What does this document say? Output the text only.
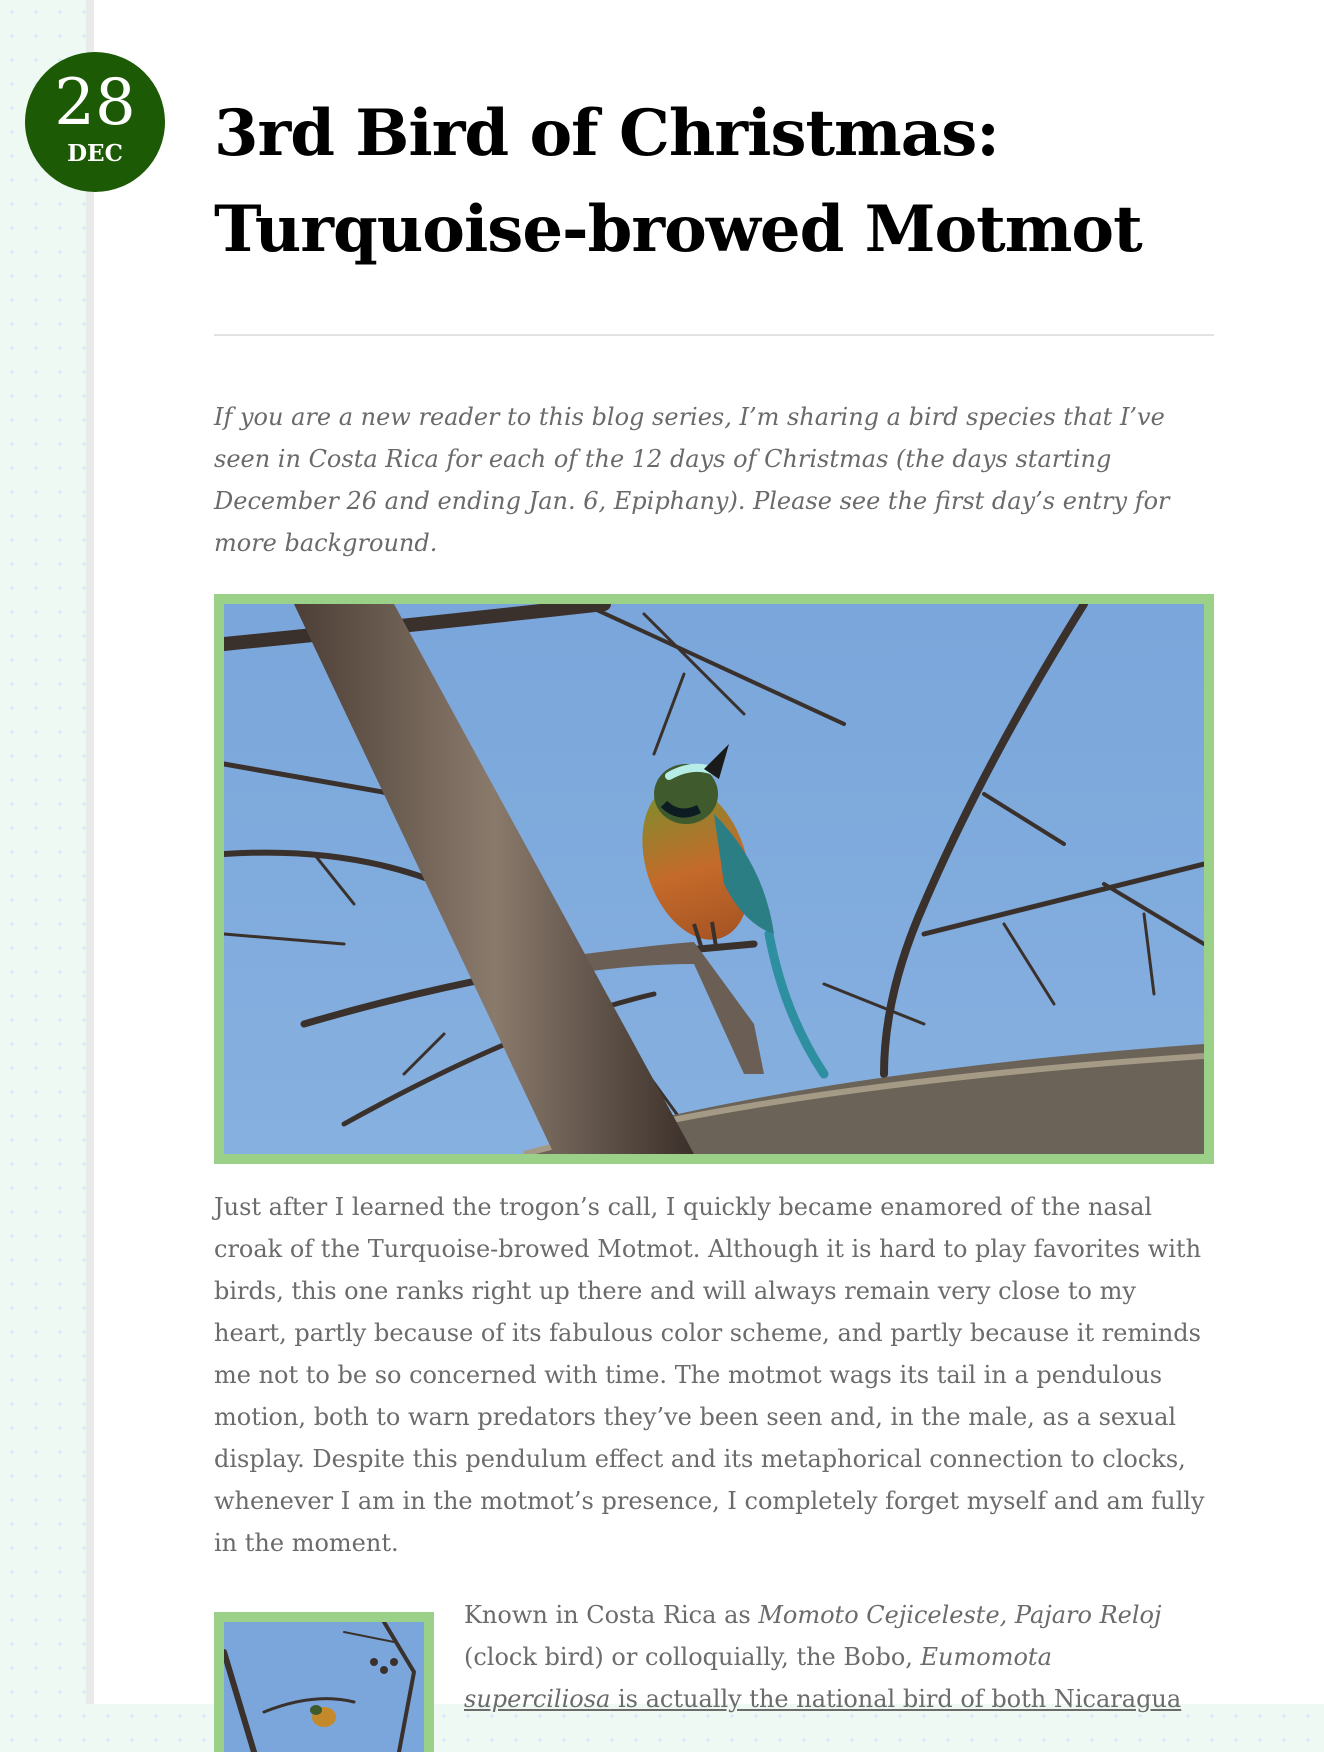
28
DEC	3rd Bird of Christmas:
Turquoise-browed Motmot

If you are a new reader to this blog series, I’m sharing a bird species that I’ve
seen in Costa Rica for each of the 12 days of Christmas (the days starting
December 26 and ending Jan. 6, Epiphany). Please see the first day’s entry for
more background.

Just after I learned the trogon’s call, I quickly became enamored of the nasal
croak of the Turquoise-browed Motmot. Although it is hard to play favorites with
birds, this one ranks right up there and will always remain very close to my
heart, partly because of its fabulous color scheme, and partly because it reminds
me not to be so concerned with time. The motmot wags its tail in a pendulous
motion, both to warn predators they’ve been seen and, in the male, as a sexual
display. Despite this pendulum effect and its metaphorical connection to clocks,
whenever I am in the motmot’s presence, I completely forget myself and am fully
in the moment.

Known in Costa Rica as Momoto Cejiceleste, Pajaro Reloj
(clock bird) or colloquially, the Bobo, Eumomota
superciliosa is actually the national bird of both Nicaragua
